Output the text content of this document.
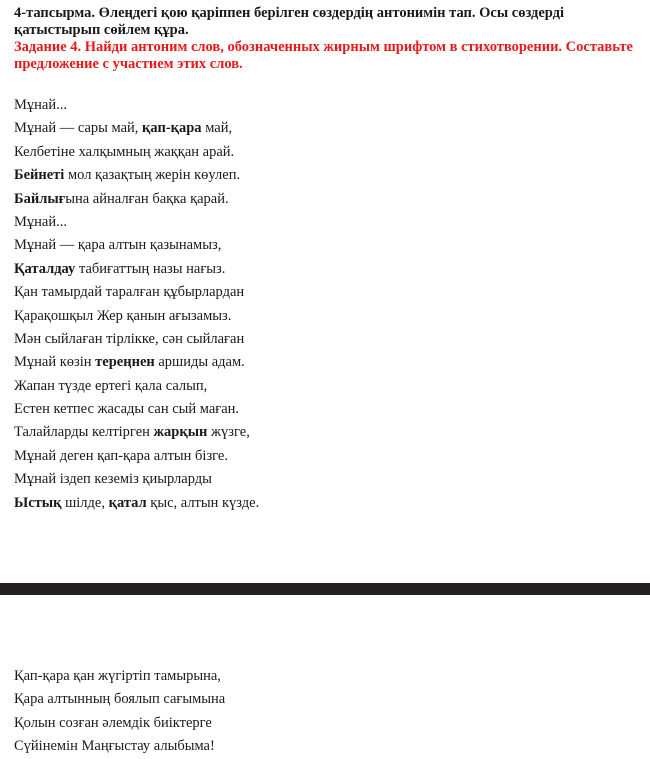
4-тапсырма. Өлеңдегі қою қаріппен берілген сөздердің антонимін тап. Осы сөздерді қатыстырып сөйлем құра.
Задание 4. Найди антоним слов, обозначенных жирным шрифтом в стихотворении. Составьте предложение с участием этих слов.
Мұнай...
Мұнай — сары май, қап-қара май,
Келбетіне халқымның жаққан арай.
Бейнеті мол қазақтың жерін көулеп.
Байлығына айналған бақка қарай.
Мұнай...
Мұнай — қара алтын қазынамыз,
Қаталдау табиғаттың назы нағыз.
Қан тамырдай таралған құбырлардан
Қарақошқыл Жер қанын ағызамыз.
Мән сыйлаған тірлікке, сән сыйлаған
Мұнай көзін тереңнен аршиды адам.
Жапан түзде ертегі қала салып,
Естен кетпес жасады сан сый маған.
Талайларды келтірген жарқын жүзге,
Мұнай деген қап-қара алтын бізге.
Мұнай іздеп кеземіз қиырларды
Ыстық шілде, қатал қыс, алтын күзде.
Қап-қара қан жүгіртіп тамырына,
Қара алтынның боялып сағымына
Қолын созған әлемдік биіктерге
Сүйінемін Маңғыстау алыбыма!
